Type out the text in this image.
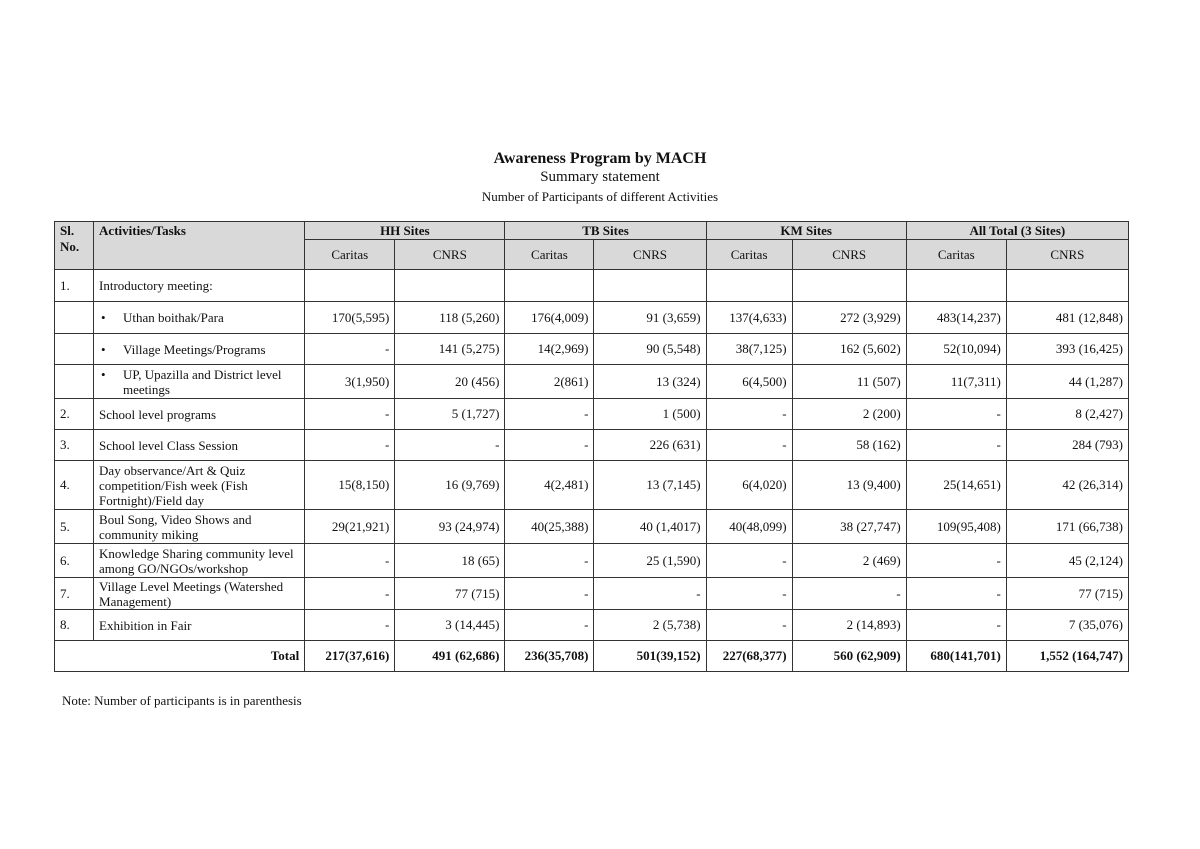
Awareness Program by MACH
Summary statement
Number of Participants of different Activities
Sl. No.	Activities/Tasks	HH Sites		TB Sites		KM Sites		All Total (3 Sites)	
		Caritas	CNRS	Caritas	CNRS	Caritas	CNRS	Caritas	CNRS
1.	Introductory meeting:								
	• Uthan boithak/Para	170(5,595)	118 (5,260)	176(4,009)	91 (3,659)	137(4,633)	272 (3,929)	483(14,237)	481 (12,848)
	• Village Meetings/Programs	-	141 (5,275)	14(2,969)	90 (5,548)	38(7,125)	162 (5,602)	52(10,094)	393 (16,425)
	• UP, Upazilla and District level meetings	3(1,950)	20 (456)	2(861)	13 (324)	6(4,500)	11 (507)	11(7,311)	44 (1,287)
2.	School level programs	-	5 (1,727)	-	1 (500)	-	2 (200)	-	8 (2,427)
3.	School level Class Session	-	-	-	226 (631)	-	58 (162)	-	284 (793)
4.	Day observance/Art & Quiz competition/Fish week (Fish Fortnight)/Field day	15(8,150)	16 (9,769)	4(2,481)	13 (7,145)	6(4,020)	13 (9,400)	25(14,651)	42 (26,314)
5.	Boul Song, Video Shows and community miking	29(21,921)	93 (24,974)	40(25,388)	40 (1,4017)	40(48,099)	38 (27,747)	109(95,408)	171 (66,738)
6.	Knowledge Sharing community level among GO/NGOs/workshop	-	18 (65)	-	25 (1,590)	-	2 (469)	-	45 (2,124)
7.	Village Level Meetings (Watershed Management)	-	77 (715)	-	-	-	-	-	77 (715)
8.	Exhibition in Fair	-	3 (14,445)	-	2 (5,738)	-	2 (14,893)	-	7 (35,076)
Total		217(37,616)	491 (62,686)	236(35,708)	501(39,152)	227(68,377)	560 (62,909)	680(141,701)	1,552 (164,747)
Note: Number of participants is in parenthesis
